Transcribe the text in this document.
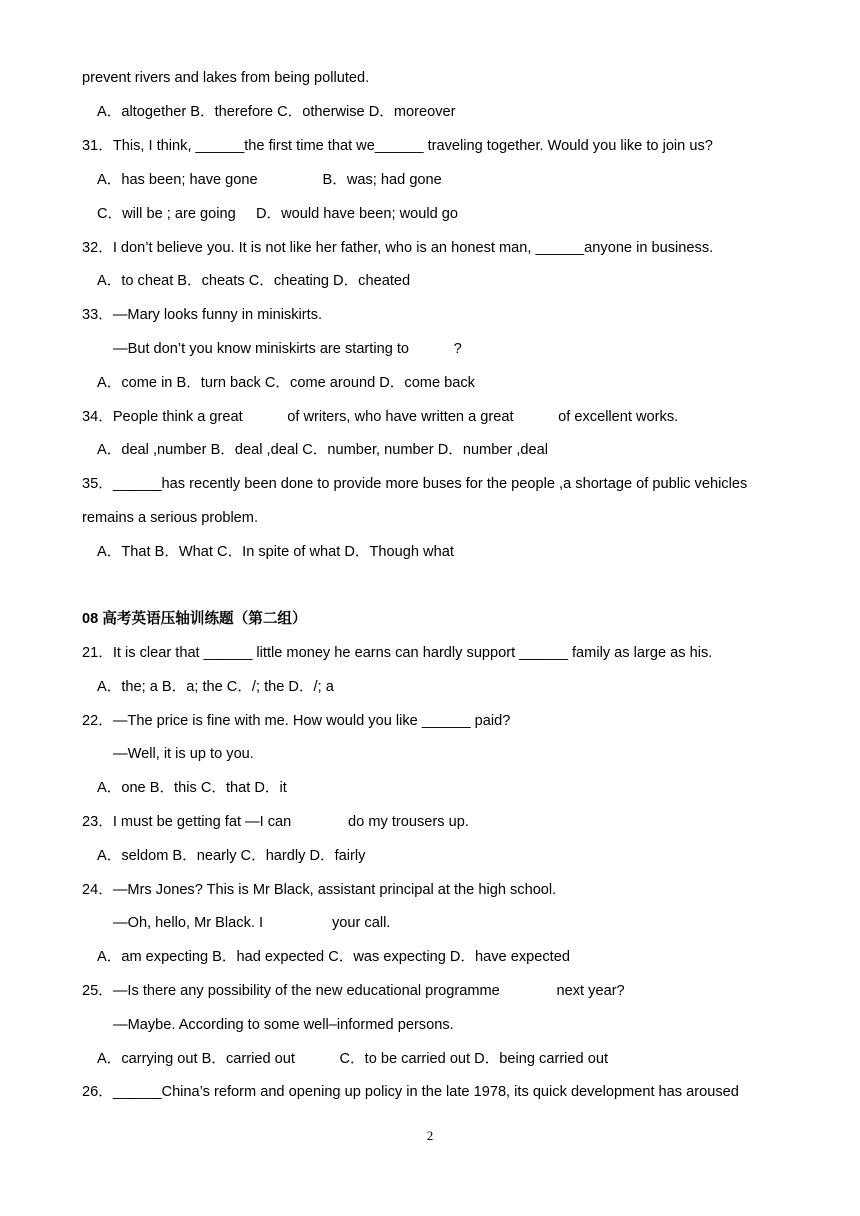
prevent rivers and lakes from being polluted.
A．altogether B．therefore C．otherwise D．moreover
31．This, I think, ______the first time that we______ traveling together. Would you like to join us?
A．has been; have gone                B．was; had gone
C．will be ; are going     D．would have been; would go
32．I don’t believe you. It is not like her father, who is an honest man, ______anyone in business.
A．to cheat B．cheats C．cheating D．cheated
33．—Mary looks funny in miniskirts.
—But don’t you know miniskirts are starting to           ?
A．come in B．turn back C．come around D．come back
34．People think a great           of writers, who have written a great           of excellent works.
A．deal ,number B．deal ,deal C．number, number D．number ,deal
35．______has recently been done to provide more buses for the people ,a shortage of public vehicles
remains a serious problem.
A．That B．What C．In spite of what D．Though what
08 高考英语压轴训练题（第二组）
21．It is clear that ______ little money he earns can hardly support ______ family as large as his.
A．the; a B．a; the C．/; the D．/; a
22．—The price is fine with me. How would you like ______ paid?
—Well, it is up to you.
A．one B．this C．that D．it
23．I must be getting fat —I can              do my trousers up.
A．seldom B．nearly C．hardly D．fairly
24．—Mrs Jones? This is Mr Black, assistant principal at the high school.
—Oh, hello, Mr Black. I                 your call.
A．am expecting B．had expected C．was expecting D．have expected
25．—Is there any possibility of the new educational programme              next year?
—Maybe. According to some well–informed persons.
A．carrying out B．carried out           C．to be carried out D．being carried out
26．______China’s reform and opening up policy in the late 1978, its quick development has aroused
2
